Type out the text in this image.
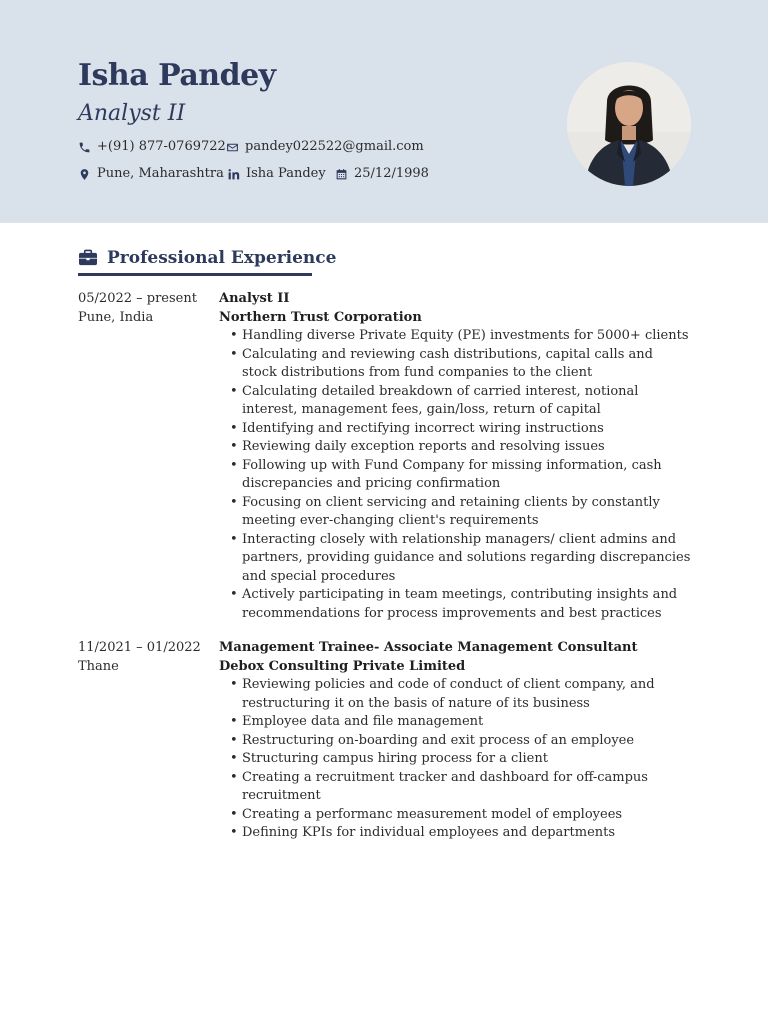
Isha Pandey
Analyst II
+(91) 877-0769722 pandey022522@gmail.com
Pune, Maharashtra Isha Pandey 25/12/1998
Professional Experience
05/2022 – present
Pune, India
Analyst II
Northern Trust Corporation
• Handling diverse Private Equity (PE) investments for 5000+ clients
• Calculating and reviewing cash distributions, capital calls and stock distributions from fund companies to the client
• Calculating detailed breakdown of carried interest, notional interest, management fees, gain/loss, return of capital
• Identifying and rectifying incorrect wiring instructions
• Reviewing daily exception reports and resolving issues
• Following up with Fund Company for missing information, cash discrepancies and pricing confirmation
• Focusing on client servicing and retaining clients by constantly meeting ever-changing client's requirements
• Interacting closely with relationship managers/ client admins and partners, providing guidance and solutions regarding discrepancies and special procedures
• Actively participating in team meetings, contributing insights and recommendations for process improvements and best practices
11/2021 – 01/2022
Thane
Management Trainee- Associate Management Consultant
Debox Consulting Private Limited
• Reviewing policies and code of conduct of client company, and restructuring it on the basis of nature of its business
• Employee data and file management
• Restructuring on-boarding and exit process of an employee
• Structuring campus hiring process for a client
• Creating a recruitment tracker and dashboard for off-campus recruitment
• Creating a performanc measurement model of employees
• Defining KPIs for individual employees and departments
